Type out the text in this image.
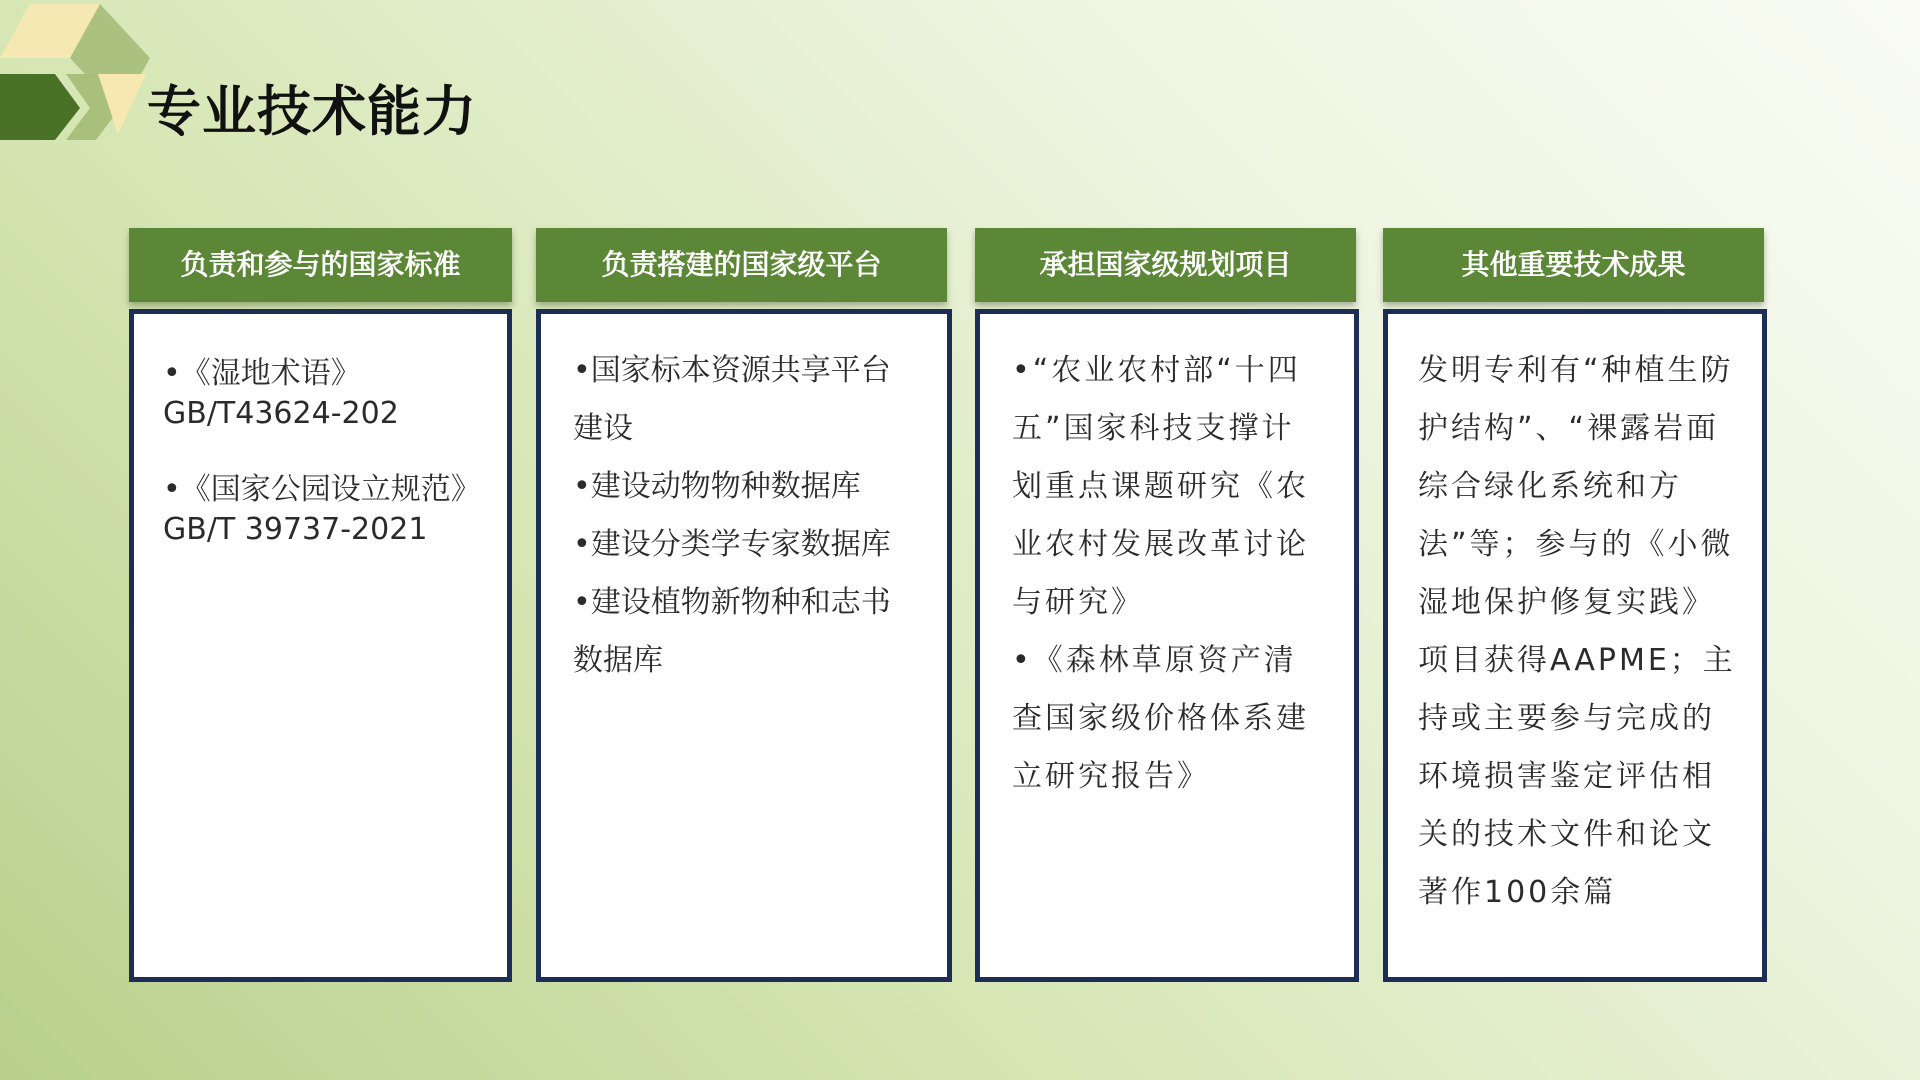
专业技术能力
负责和参与的国家标准

•《湿地术语》GB/T43624-202

•《国家公园设立规范》GB/T 39737-2021

负责搭建的国家级平台

•国家标本资源共享平台建设

•建设动物物种数据库

•建设分类学专家数据库

•建设植物新物种和志书数据库

承担国家级规划项目

•“农业农村部“十四五”国家科技支撑计划重点课题研究《农业农村发展改革讨论与研究》

•《森林草原资产清查国家级价格体系建立研究报告》

其他重要技术成果

发明专利有“种植生防护结构”、“裸露岩面综合绿化系统和方法”等；参与的《小微湿地保护修复实践》项目获得AAPME；主持或主要参与完成的环境损害鉴定评估相关的技术文件和论文著作100余篇
